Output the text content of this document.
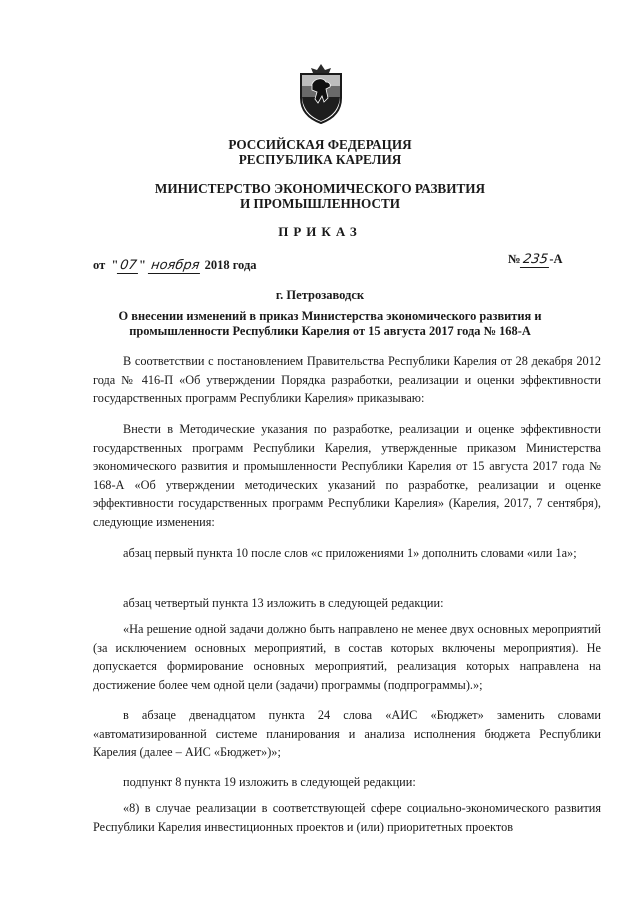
РОССИЙСКАЯ ФЕДЕРАЦИЯ
РЕСПУБЛИКА КАРЕЛИЯ
МИНИСТЕРСТВО ЭКОНОМИЧЕСКОГО РАЗВИТИЯ
И ПРОМЫШЛЕННОСТИ
ПРИКАЗ
от  "07" ноября 2018 года	№235-А
г. Петрозаводск
О внесении изменений в приказ Министерства экономического развития и
промышленности Республики Карелия от 15 августа 2017 года № 168-А
В соответствии с постановлением Правительства Республики Карелия от 28 декабря 2012 года № 416-П «Об утверждении Порядка разработки, реализации и оценки эффективности государственных программ Республики Карелия» приказываю:
Внести в Методические указания по разработке, реализации и оценке эффективности государственных программ Республики Карелия, утвержденные приказом Министерства экономического развития и промышленности Республики Карелия от 15 августа 2017 года № 168-А «Об утверждении методических указаний по разработке, реализации и оценке эффективности государственных программ Республики Карелия» (Карелия, 2017, 7 сентября), следующие изменения:
абзац первый пункта 10 после слов «с приложениями 1» дополнить словами «или 1а»;
абзац четвертый пункта 13 изложить в следующей редакции:
«На решение одной задачи должно быть направлено не менее двух основных мероприятий (за исключением основных мероприятий, в состав которых включены мероприятия). Не допускается формирование основных мероприятий, реализация которых направлена на достижение более чем одной цели (задачи) программы (подпрограммы).»;
в абзаце двенадцатом пункта 24 слова «АИС «Бюджет» заменить словами «автоматизированной системе планирования и анализа исполнения бюджета Республики Карелия (далее – АИС «Бюджет»)»;
подпункт 8 пункта 19 изложить в следующей редакции:
«8) в случае реализации в соответствующей сфере социально-экономического развития Республики Карелия инвестиционных проектов и (или) приоритетных проектов
